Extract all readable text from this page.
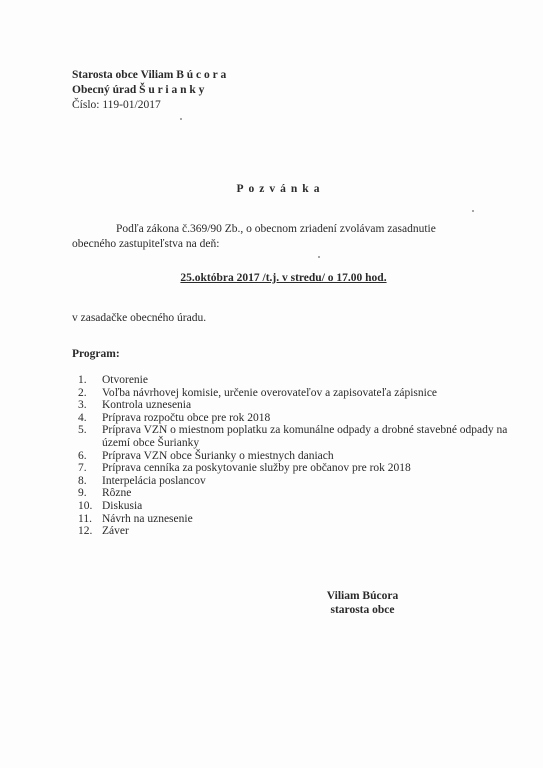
Starosta obce Viliam B ú c o r a
Obecný úrad Š u r i a n k y
Číslo: 119-01/2017
Pozvánka
Podľa zákona č.369/90 Zb., o obecnom zriadení zvolávam zasadnutie obecného zastupiteľstva na deň:
25.októbra 2017 /t.j. v stredu/ o 17.00 hod.
v zasadačke obecného úradu.
Program:
1.	Otvorenie
2.	Voľba návrhovej komisie, určenie overovateľov a zapisovateľa zápisnice
3.	Kontrola uznesenia
4.	Príprava rozpočtu obce pre rok 2018
5.	Príprava VZN o miestnom poplatku za komunálne odpady a drobné stavebné odpady na území obce Šurianky
6.	Príprava VZN obce Šurianky o miestnych daniach
7.	Príprava cenníka za poskytovanie služby pre občanov pre rok 2018
8.	Interpelácia poslancov
9.	Rôzne
10. Diskusia
11. Návrh na uznesenie
12. Záver
Viliam Búcora
starosta obce
